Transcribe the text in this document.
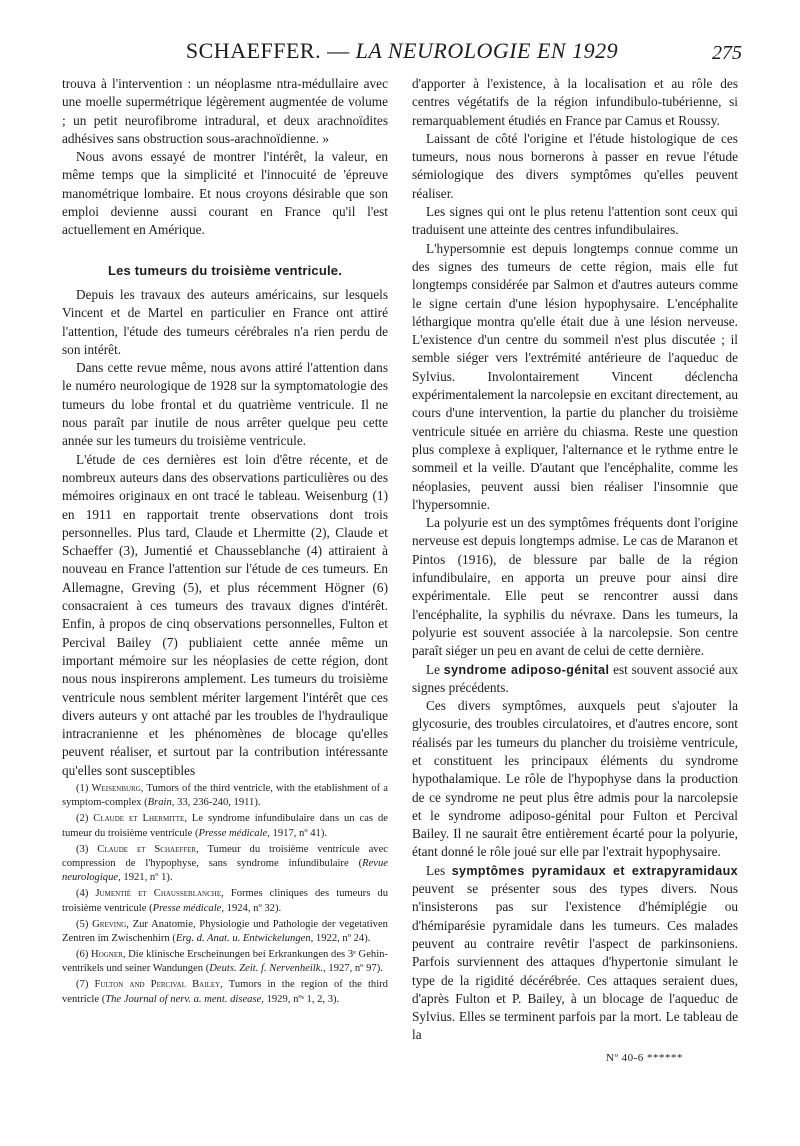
SCHAEFFER. — LA NEUROLOGIE EN 1929	275

trouva à l'intervention : un néoplasme ntra-médullaire avec une moelle supermétrique légèrement augmentée de volume ; un petit neurofibrome intradural, et deux arachnoïdites adhésives sans obstruction sous-arachnoïdienne. »

Nous avons essayé de montrer l'intérêt, la valeur, en même temps que la simplicité et l'innocuité de 'épreuve manométrique lombaire. Et nous croyons désirable que son emploi devienne aussi courant en France qu'il l'est actuellement en Amérique.

Les tumeurs du troisième ventricule.

Depuis les travaux des auteurs américains, sur lesquels Vincent et de Martel en particulier en France ont attiré l'attention, l'étude des tumeurs cérébrales n'a rien perdu de son intérêt.

Dans cette revue même, nous avons attiré l'attention dans le numéro neurologique de 1928 sur la symptomatologie des tumeurs du lobe frontal et du quatrième ventricule. Il ne nous paraît par inutile de nous arrêter quelque peu cette année sur les tumeurs du troisième ventricule.

L'étude de ces dernières est loin d'être récente, et de nombreux auteurs dans des observations particulières ou des mémoires originaux en ont tracé le tableau. Weisenburg (1) en 1911 en rapportait trente observations dont trois personnelles. Plus tard, Claude et Lhermitte (2), Claude et Schaeffer (3), Jumentié et Chausseblanche (4) attiraient à nouveau en France l'attention sur l'étude de ces tumeurs. En Allemagne, Greving (5), et plus récemment Högner (6) consacraient à ces tumeurs des travaux dignes d'intérêt. Enfin, à propos de cinq observations personnelles, Fulton et Percival Bailey (7) publiaient cette année même un important mémoire sur les néoplasies de cette région, dont nous nous inspirerons amplement. Les tumeurs du troisième ventricule nous semblent mériter largement l'intérêt que ces divers auteurs y ont attaché par les troubles de l'hydraulique intracranienne et les phénomènes de blocage qu'elles peuvent réaliser, et surtout par la contribution intéressante qu'elles sont susceptibles

(1) Weisenburg, Tumors of the third ventricle, with the etablishment of a symptom-complex (Brain, 33, 236-240, 1911).

(2) Claude et Lhermitte, Le syndrome infundibulaire dans un cas de tumeur du troisième ventricule (Presse médicale, 1917, nº 41).

(3) Claude et Schaeffer, Tumeur du troisième ventricule avec compression de l'hypophyse, sans syndrome infundibulaire (Revue neurologique, 1921, nº 1).

(4) Jumentié et Chausseblanche, Formes cliniques des tumeurs du troisième ventricule (Presse médicale, 1924, nº 32).

(5) Greving, Zur Anatomie, Physiologie und Pathologie der vegetativen Zentren im Zwischenhirn (Erg. d. Anat. u. Entwickelungen, 1922, nº 24).

(6) Hogner, Die klinische Erscheinungen bei Erkrankungen des 3ᵉ Gehin-ventrikels und seiner Wandungen (Deuts. Zeit. f. Nervenheilk., 1927, nº 97).

(7) Fulton and Percival Bailey, Tumors in the region of the third ventricle (The Journal of nerv. a. ment. disease, 1929, nºˢ 1, 2, 3).

d'apporter à l'existence, à la localisation et au rôle des centres végétatifs de la région infundibulo-tubérienne, si remarquablement étudiés en France par Camus et Roussy.

Laissant de côté l'origine et l'étude histologique de ces tumeurs, nous nous bornerons à passer en revue l'étude sémiologique des divers symptômes qu'elles peuvent réaliser.

Les signes qui ont le plus retenu l'attention sont ceux qui traduisent une atteinte des centres infundibulaires.

L'hypersomnie est depuis longtemps connue comme un des signes des tumeurs de cette région, mais elle fut longtemps considérée par Salmon et d'autres auteurs comme le signe certain d'une lésion hypophysaire. L'encéphalite léthargique montra qu'elle était due à une lésion nerveuse. L'existence d'un centre du sommeil n'est plus discutée ; il semble siéger vers l'extrémité antérieure de l'aqueduc de Sylvius. Involontairement Vincent déclencha expérimentalement la narcolepsie en excitant directement, au cours d'une intervention, la partie du plancher du troisième ventricule située en arrière du chiasma. Reste une question plus complexe à expliquer, l'alternance et le rythme entre le sommeil et la veille. D'autant que l'encéphalite, comme les néoplasies, peuvent aussi bien réaliser l'insomnie que l'hypersomnie.

La polyurie est un des symptômes fréquents dont l'origine nerveuse est depuis longtemps admise. Le cas de Maranon et Pintos (1916), de blessure par balle de la région infundibulaire, en apporta un preuve pour ainsi dire expérimentale. Elle peut se rencontrer aussi dans l'encéphalite, la syphilis du névraxe. Dans les tumeurs, la polyurie est souvent associée à la narcolepsie. Son centre paraît siéger un peu en avant de celui de cette dernière.

Le syndrome adiposo-génital est souvent associé aux signes précédents.

Ces divers symptômes, auxquels peut s'ajouter la glycosurie, des troubles circulatoires, et d'autres encore, sont réalisés par les tumeurs du plancher du troisième ventricule, et constituent les principaux éléments du syndrome hypothalamique. Le rôle de l'hypophyse dans la production de ce syndrome ne peut plus être admis pour la narcolepsie et le syndrome adiposo-génital pour Fulton et Percival Bailey. Il ne saurait être entièrement écarté pour la polyurie, étant donné le rôle joué sur elle par l'extrait hypophysaire.

Les symptômes pyramidaux et extrapyramidaux peuvent se présenter sous des types divers. Nous n'insisterons pas sur l'existence d'hémiplégie ou d'hémiparésie pyramidale dans les tumeurs. Ces malades peuvent au contraire revêtir l'aspect de parkinsoniens. Parfois surviennent des attaques d'hypertonie simulant le type de la rigidité décérébrée. Ces attaques seraient dues, d'après Fulton et P. Bailey, à un blocage de l'aqueduc de Sylvius. Elles se terminent parfois par la mort. Le tableau de la

Nº 40-6 ******
